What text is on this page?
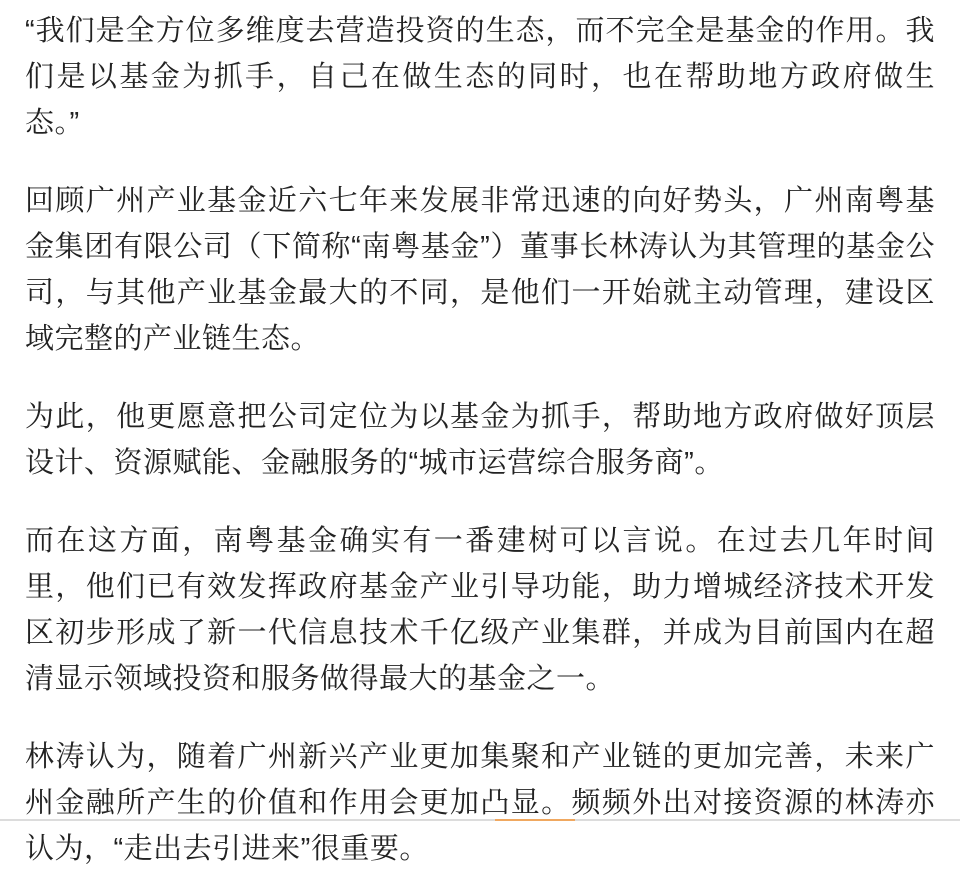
“我们是全方位多维度去营造投资的生态，而不完全是基金的作用。我们是以基金为抓手，自己在做生态的同时，也在帮助地方政府做生态。”

回顾广州产业基金近六七年来发展非常迅速的向好势头，广州南粤基金集团有限公司（下简称“南粤基金”）董事长林涛认为其管理的基金公司，与其他产业基金最大的不同，是他们一开始就主动管理，建设区域完整的产业链生态。

为此，他更愿意把公司定位为以基金为抓手，帮助地方政府做好顶层设计、资源赋能、金融服务的“城市运营综合服务商”。

而在这方面，南粤基金确实有一番建树可以言说。在过去几年时间里，他们已有效发挥政府基金产业引导功能，助力增城经济技术开发区初步形成了新一代信息技术千亿级产业集群，并成为目前国内在超清显示领域投资和服务做得最大的基金之一。

林涛认为，随着广州新兴产业更加集聚和产业链的更加完善，未来广州金融所产生的价值和作用会更加凸显。频频外出对接资源的林涛亦认为，“走出去引进来”很重要。
